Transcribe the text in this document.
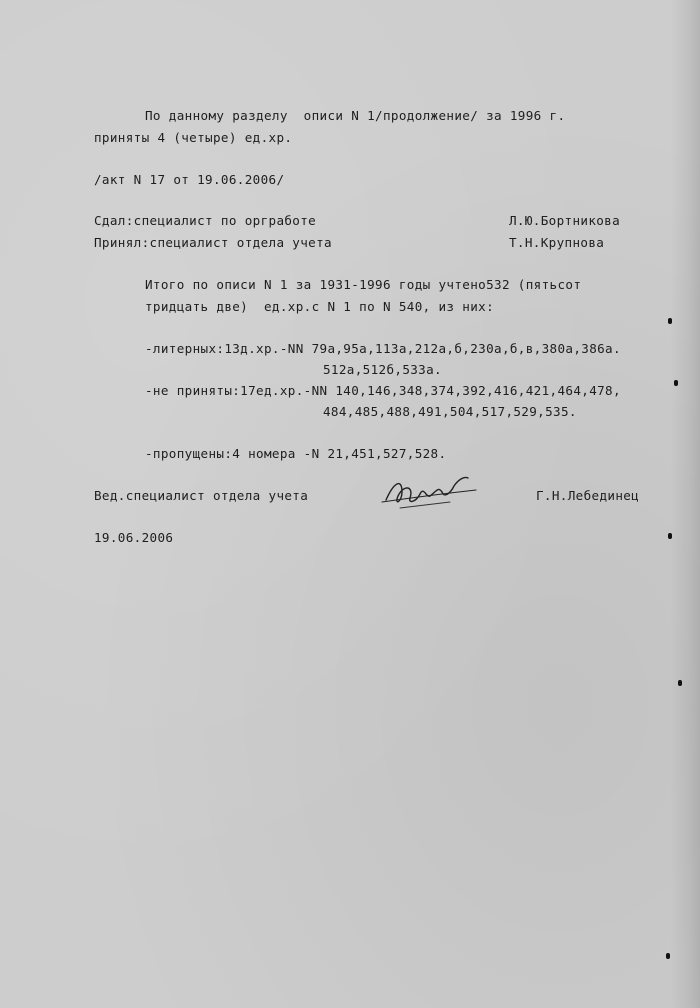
По данному разделу  описи N 1/продолжение/ за 1996 г.
приняты 4 (четыре) ед.хр.
/акт N 17 от 19.06.2006/
Сдал:специалист по оргработе	Л.Ю.Бортникова
Принял:специалист отдела учета	Т.Н.Крупнова
Итого по описи N 1 за 1931-1996 годы учтено532 (пятьсот
тридцать две)  ед.хр.с N 1 по N 540, из них:
-литерных:13д.хр.-NN 79а,95а,113а,212а,б,230а,б,в,380а,386а.
512а,512б,533а.
-не приняты:17ед.хр.-NN 140,146,348,374,392,416,421,464,478,
484,485,488,491,504,517,529,535.
-пропущены:4 номера -N 21,451,527,528.
Вед.специалист отдела учета	Г.Н.Лебединец
19.06.2006
